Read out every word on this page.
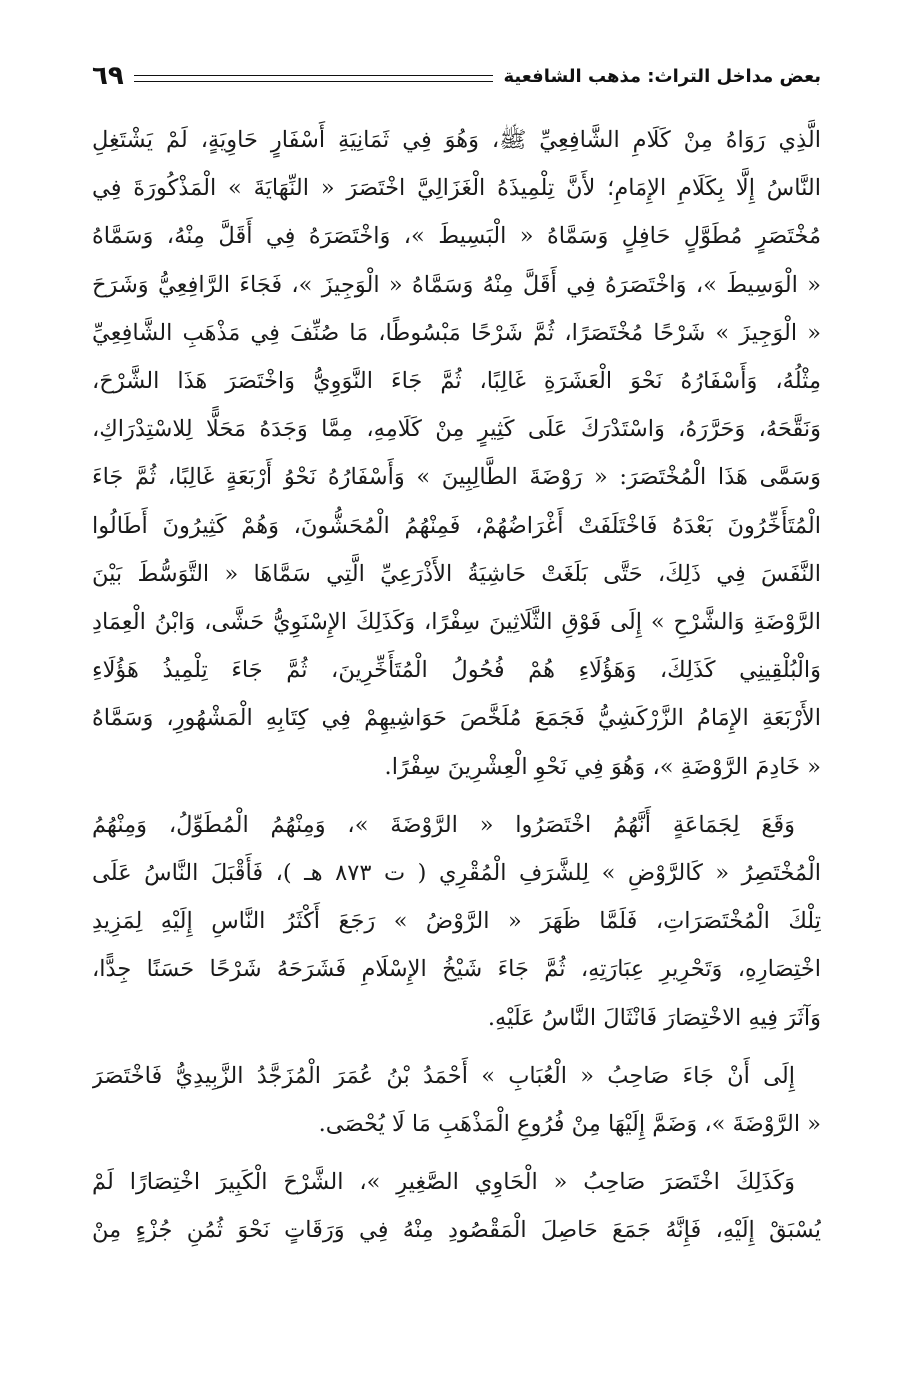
بعض مداخل التراث: مذهب الشافعية
٦٩
الَّذِي رَوَاهُ مِنْ كَلَامِ الشَّافِعِيِّ ﷺ، وَهُوَ فِي ثَمَانِيَةِ أَسْفَارٍ حَاوِيَةٍ، لَمْ يَشْتَغِلِ
النَّاسُ إِلَّا بِكَلَامِ الإِمَامِ؛ لأَنَّ تِلْمِيذَهُ الْغَزَالِيَّ اخْتَصَرَ « النِّهَايَةَ » الْمَذْكُورَةَ فِي
مُخْتَصَرٍ مُطَوَّلٍ حَافِلٍ وَسَمَّاهُ « الْبَسِيطَ »، وَاخْتَصَرَهُ فِي أَقَلَّ مِنْهُ، وَسَمَّاهُ
« الْوَسِيطَ »، وَاخْتَصَرَهُ فِي أَقَلَّ مِنْهُ وَسَمَّاهُ « الْوَجِيزَ »، فَجَاءَ الرَّافِعِيُّ وَشَرَحَ
« الْوَجِيزَ » شَرْحًا مُخْتَصَرًا، ثُمَّ شَرْحًا مَبْسُوطًا، مَا صُنِّفَ فِي مَذْهَبِ الشَّافِعِيِّ
مِثْلُهُ، وَأَسْفَارُهُ نَحْوَ الْعَشَرَةِ غَالِبًا، ثُمَّ جَاءَ النَّوَوِيُّ وَاخْتَصَرَ هَذَا الشَّرْحَ،
وَنَقَّحَهُ، وَحَرَّرَهُ، وَاسْتَدْرَكَ عَلَى كَثِيرٍ مِنْ كَلَامِهِ، مِمَّا وَجَدَهُ مَحَلًّا لِلاسْتِدْرَاكِ،
وَسَمَّى هَذَا الْمُخْتَصَرَ: « رَوْضَةَ الطَّالِبِينَ » وَأَسْفَارُهُ نَحْوُ أَرْبَعَةٍ غَالِبًا، ثُمَّ جَاءَ
الْمُتَأَخِّرُونَ بَعْدَهُ فَاخْتَلَفَتْ أَغْرَاضُهُمْ، فَمِنْهُمُ الْمُحَشُّونَ، وَهُمْ كَثِيرُونَ أَطَالُوا
النَّفَسَ فِي ذَلِكَ، حَتَّى بَلَغَتْ حَاشِيَةُ الأَذْرَعِيِّ الَّتِي سَمَّاهَا « التَّوَسُّطَ بَيْنَ
الرَّوْضَةِ وَالشَّرْحِ » إِلَى فَوْقِ الثَّلَاثِينَ سِفْرًا، وَكَذَلِكَ الإِسْنَوِيُّ حَشَّى، وَابْنُ الْعِمَادِ
وَالْبُلْقِينِي كَذَلِكَ، وَهَؤُلَاءِ هُمْ فُحُولُ الْمُتَأَخِّرِينَ، ثُمَّ جَاءَ تِلْمِيذُ هَؤُلَاءِ
الأَرْبَعَةِ الإِمَامُ الزَّرْكَشِيُّ فَجَمَعَ مُلَخَّصَ حَوَاشِيهِمْ فِي كِتَابِهِ الْمَشْهُورِ، وَسَمَّاهُ
« خَادِمَ الرَّوْضَةِ »، وَهُوَ فِي نَحْوِ الْعِشْرِينَ سِفْرًا.
وَقَعَ لِجَمَاعَةٍ أَنَّهُمُ اخْتَصَرُوا « الرَّوْضَةَ »، وَمِنْهُمُ الْمُطَوِّلُ، وَمِنْهُمُ
الْمُخْتَصِرُ « كَالرَّوْضِ » لِلشَّرَفِ الْمُقْرِي ( ت ٨٧٣ هـ )، فَأَقْبَلَ النَّاسُ عَلَى
تِلْكَ الْمُخْتَصَرَاتِ، فَلَمَّا ظَهَرَ « الرَّوْضُ » رَجَعَ أَكْثَرُ النَّاسِ إِلَيْهِ لِمَزِيدِ
اخْتِصَارِهِ، وَتَحْرِيرِ عِبَارَتِهِ، ثُمَّ جَاءَ شَيْخُ الإِسْلَامِ فَشَرَحَهُ شَرْحًا حَسَنًا جِدًّا،
وَآثَرَ فِيهِ الاخْتِصَارَ فَانْثَالَ النَّاسُ عَلَيْهِ.
إِلَى أَنْ جَاءَ صَاحِبُ « الْعُبَابِ » أَحْمَدُ بْنُ عُمَرَ الْمُزَجَّدُ الزَّبِيدِيُّ فَاخْتَصَرَ
« الرَّوْضَةَ »، وَضَمَّ إِلَيْهَا مِنْ فُرُوعِ الْمَذْهَبِ مَا لَا يُحْصَى.
وَكَذَلِكَ اخْتَصَرَ صَاحِبُ « الْحَاوِي الصَّغِيرِ »، الشَّرْحَ الْكَبِيرَ اخْتِصَارًا لَمْ
يُسْبَقْ إِلَيْهِ، فَإِنَّهُ جَمَعَ حَاصِلَ الْمَقْصُودِ مِنْهُ فِي وَرَقَاتٍ نَحْوَ ثُمُنِ جُزْءٍ مِنْ
